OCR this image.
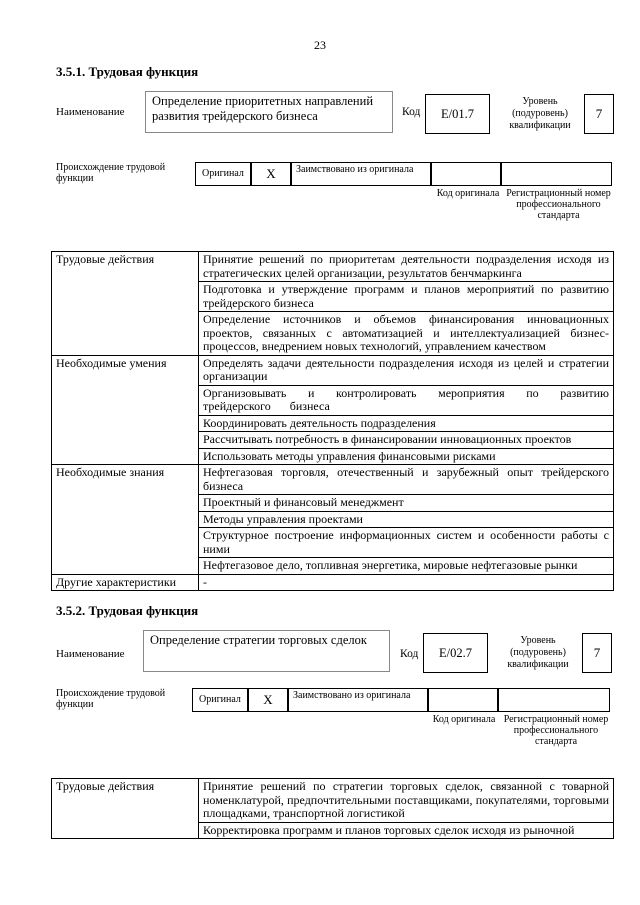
23
3.5.1. Трудовая функция
Наименование
Определение приоритетных направлений развития трейдерского бизнеса	Код	E/01.7
Уровень (подуровень) квалификации
7
Происхождение трудовой функции	Оригинал	X	Заимствовано из оригинала
Код оригинала Регистрационный номер профессионального стандарта
Трудовые действия	Принятие решений по приоритетам деятельности подразделения исходя из стратегических целей организации, результатов бенчмаркинга
	Подготовка и утверждение программ и планов мероприятий по развитию трейдерского бизнеса
	Определение источников и объемов финансирования инновационных проектов, связанных с автоматизацией и интеллектуализацией бизнес-процессов, внедрением новых технологий, управлением качеством
Необходимые умения	Определять задачи деятельности подразделения исходя из целей и стратегии организации
	Организовывать и контролировать мероприятия по развитию трейдерского бизнеса
	Координировать деятельность подразделения
	Рассчитывать потребность в финансировании инновационных проектов
	Использовать методы управления финансовыми рисками
Необходимые знания	Нефтегазовая торговля, отечественный и зарубежный опыт трейдерского бизнеса
	Проектный и финансовый менеджмент
	Методы управления проектами
	Структурное построение информационных систем и особенности работы с ними
	Нефтегазовое дело, топливная энергетика, мировые нефтегазовые рынки
Другие характеристики	-
3.5.2. Трудовая функция
Наименование
Определение стратегии торговых сделок
Код	E/02.7
Уровень (подуровень) квалификации
7
Происхождение трудовой функции	Оригинал	X	Заимствовано из оригинала
Код оригинала Регистрационный номер профессионального стандарта
Трудовые действия	Принятие решений по стратегии торговых сделок, связанной с товарной номенклатурой, предпочтительными поставщиками, покупателями, торговыми площадками, транспортной логистикой
Корректировка программ и планов торговых сделок исходя из рыночной
